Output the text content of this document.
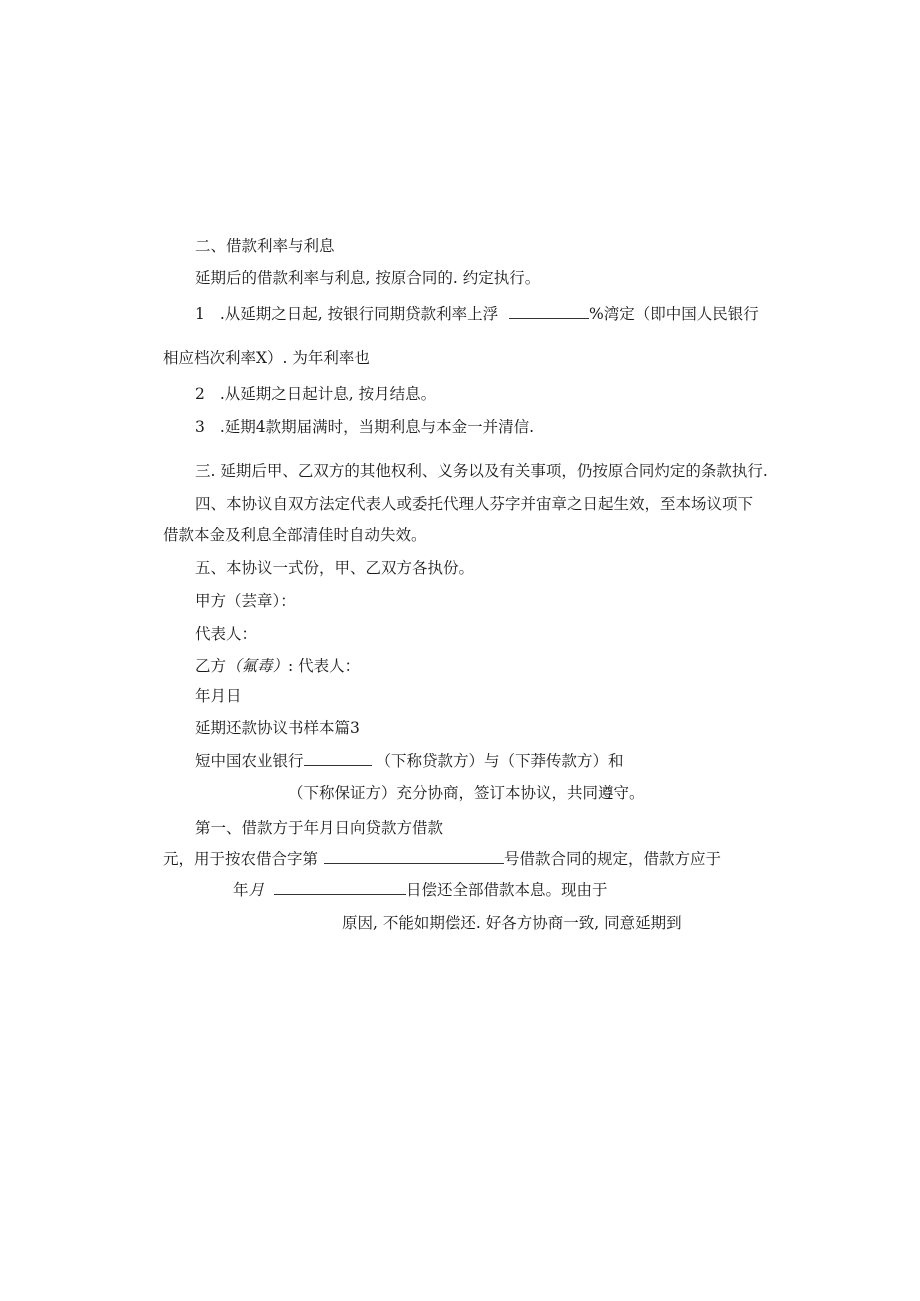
二、借款利率与利息
延期后的借款利率与利息, 按原合同的. 约定执行。
1 .从延期之日起, 按银行同期贷款利率上浮	%湾定（即中国人民银行
相应档次利率X）. 为年利率也
2 .从延期之日起计息, 按月结息。
3 .延期4款期届满时，当期利息与本金一并清信.
三. 延期后甲、乙双方的其他权利、义务以及有关事项，仍按原合同灼定的条款执行.
四、本协议自双方法定代表人或委托代理人芬字并宙章之日起生效，至本场议项下
借款本金及利息全部清佳时自动失效。
五、本协议一式份，甲、乙双方各执份。
甲方（芸章）：
代表人：
乙方（氟毒）: 代表人：
年月日
延期还款协议书样本篇3
短中国农业银行	（下称贷款方）与（下莽传款方）和
（下称保证方）充分协商，签订本协议，共同遵守。
第一、借款方于年月日向贷款方借款
元，用于按农借合字第	号借款合同的规定，借款方应于
年月	日偿还全部借款本息。现由于
原因, 不能如期偿还. 好各方协商一致, 同意延期到
